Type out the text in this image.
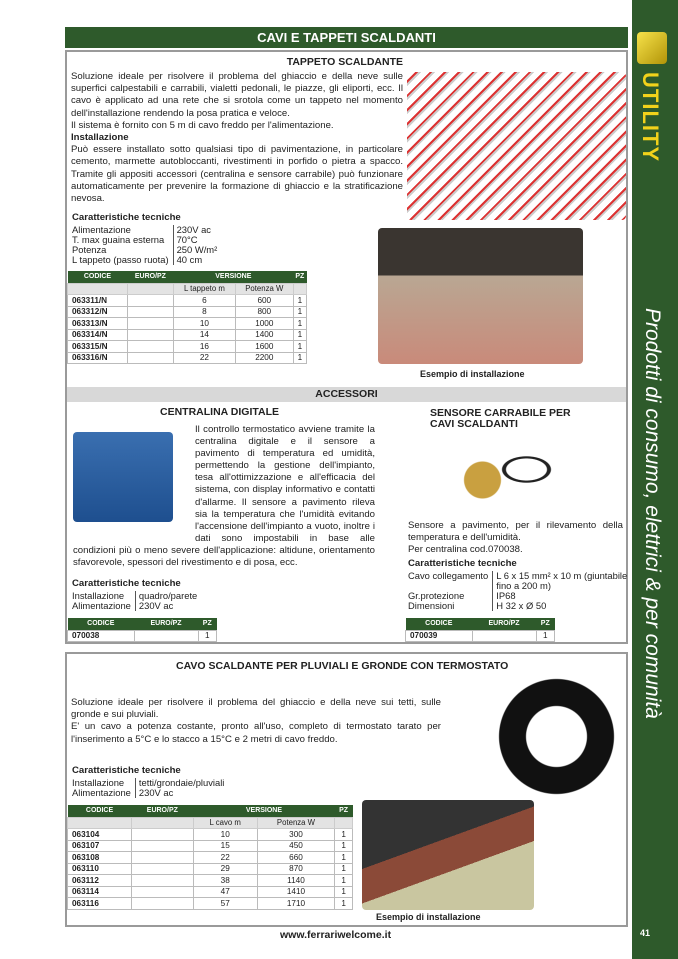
UTILITY
Prodotti di consumo, elettrici & per comunità
41
CAVI E TAPPETI SCALDANTI
TAPPETO SCALDANTE
Soluzione ideale per risolvere il problema del ghiaccio e della neve sulle superfici calpestabili e carrabili, vialetti pedonali, le piazze, gli eliporti, ecc. Il cavo è applicato ad una rete che si srotola come un tappeto nel momento dell'installazione rendendo la posa pratica e veloce.
Il sistema è fornito con 5 m di cavo freddo per l'alimentazione.
Installazione
Può essere installato sotto qualsiasi tipo di pavimentazione, in particolare cemento, marmette autobloccanti, rivestimenti in porfido o pietra a spacco. Tramite gli appositi accessori (centralina e sensore carrabile) può funzionare automaticamente per prevenire la formazione di ghiaccio e la stratificazione nevosa.
Esempio di installazione
Caratteristiche tecniche
Alimentazione	230V ac
T. max guaina esterna	70°C
Potenza	250 W/m²
L tappeto (passo ruota) 40 cm
CODICE	EURO/PZ	VERSIONE		PZ
		L tappeto m	Potenza W	
063311/N		6	600	1
063312/N		8	800	1
063313/N		10	1000	1
063314/N		14	1400	1
063315/N		16	1600	1
063316/N		22	2200	1
ACCESSORI
CENTRALINA DIGITALE
Il controllo termostatico avviene tramite la centralina digitale e il sensore a pavimento di temperatura ed umidità, permettendo la gestione dell'impianto, tesa all'ottimizzazione e all'efficacia del sistema, con display informativo e contatti d'allarme. Il sensore a pavimento rileva sia la temperatura che l'umidità evitando l'accensione dell'impianto a vuoto, inoltre i dati sono impostabili in base alle condizioni più o meno severe dell'applicazione: altidune, orientamento sfavorevole, spessori del rivestimento e di posa, ecc.
Caratteristiche tecniche
Installazione	quadro/parete
Alimentazione 230V ac
CODICE	EURO/PZ	PZ
070038		1
SENSORE CARRABILE PER CAVI SCALDANTI
Sensore a pavimento, per il rilevamento della temperatura e dell'umidità.
Per centralina cod.070038.
Caratteristiche tecniche
Cavo collegamento L 6 x 15 mm² x 10 m (giuntabile fino a 200 m)
Gr.protezione	IP68
Dimensioni	H 32 x Ø 50
CODICE	EURO/PZ	PZ
070039		1
CAVO SCALDANTE PER PLUVIALI E GRONDE CON TERMOSTATO
Soluzione ideale per risolvere il problema del ghiaccio e della neve sui tetti, sulle gronde e sui pluviali.
E' un cavo a potenza costante, pronto all'uso, completo di termostato tarato per l'inserimento a 5°C e lo stacco a 15°C e 2 metri di cavo freddo.
Caratteristiche tecniche
Installazione	tetti/grondaie/pluviali
Alimentazione 230V ac
CODICE	EURO/PZ	VERSIONE		PZ
		L cavo m	Potenza W	
063104		10	300	1
063107		15	450	1
063108		22	660	1
063110		29	870	1
063112		38	1140	1
063114		47	1410	1
063116		57	1710	1
Esempio di installazione
www.ferrariwelcome.it
